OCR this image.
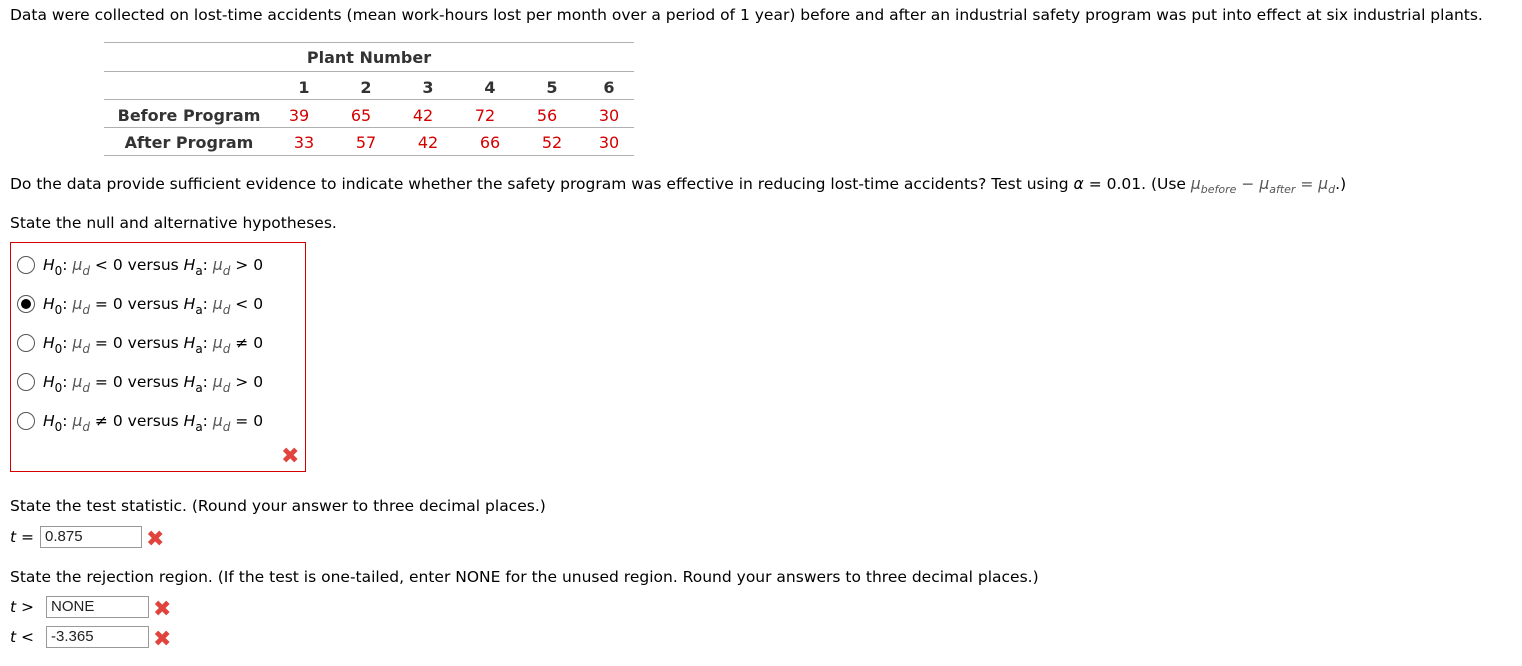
Data were collected on lost-time accidents (mean work-hours lost per month over a period of 1 year) before and after an industrial safety program was put into effect at six industrial plants.
Plant Number
1	2	3	4	5	6
Before Program	39	65	42	72	56	30
After Program	33	57	42	66	52	30
Do the data provide sufficient evidence to indicate whether the safety program was effective in reducing lost-time accidents? Test using α = 0.01. (Use $\mu_{before} - \mu_{after} = \mu_d$.)
State the null and alternative hypotheses.
$H_0$: $\mu_d < 0$ versus $H_a$: $\mu_d > 0$
$H_0$: $\mu_d = 0$ versus $H_a$: $\mu_d < 0$
$H_0$: $\mu_d = 0$ versus $H_a$: $\mu_d \ne 0$
$H_0$: $\mu_d = 0$ versus $H_a$: $\mu_d > 0$
$H_0$: $\mu_d \ne 0$ versus $H_a$: $\mu_d = 0$
✖
State the test statistic. (Round your answer to three decimal places.)
t = 0.875	✖
State the rejection region. (If the test is one-tailed, enter NONE for the unused region. Round your answers to three decimal places.)
t >	NONE	✖
t <	-3.365	✖
